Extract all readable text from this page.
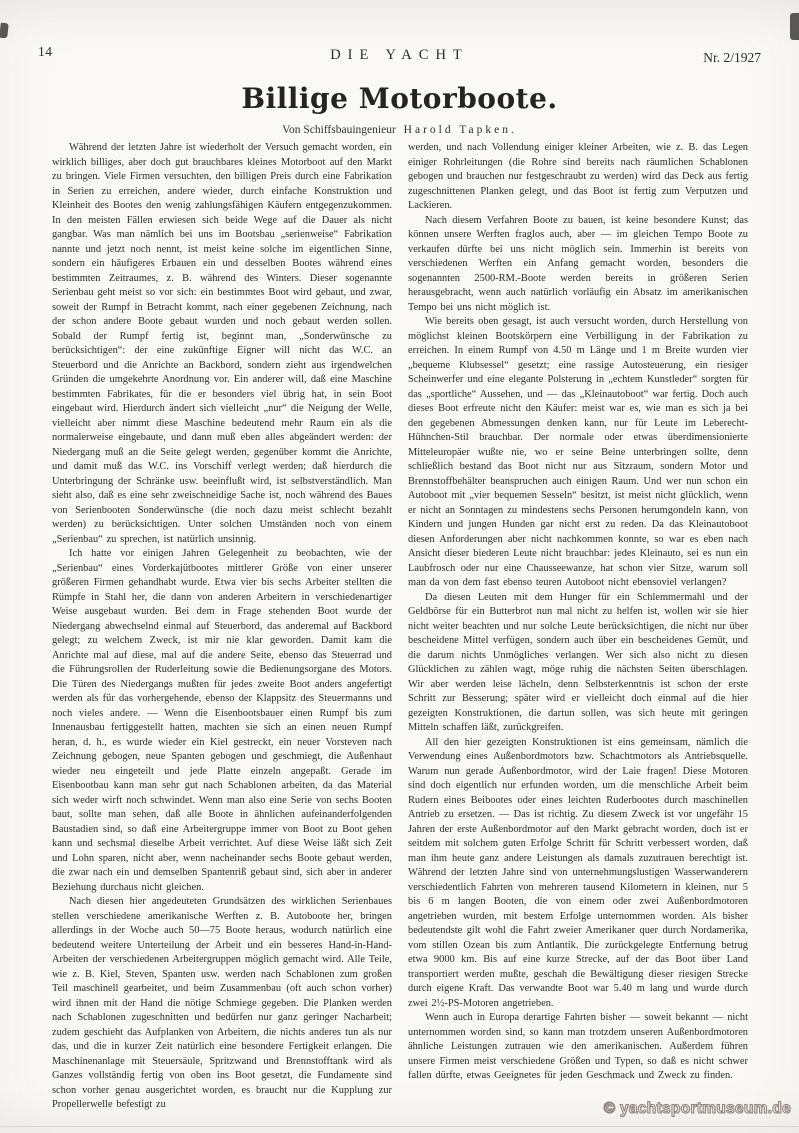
14	DIE YACHT	Nr. 2/1927
Billige Motorboote.
Von Schiffsbauingenieur Harold Tapken.

Während der letzten Jahre ist wiederholt der Versuch gemacht worden, ein wirklich billiges, aber doch gut brauchbares kleines Motorboot auf den Markt zu bringen. Viele Firmen versuchten, den billigen Preis durch eine Fabrikation in Serien zu erreichen, andere wieder, durch einfache Konstruktion und Kleinheit des Bootes den wenig zahlungsfähigen Käufern entgegenzukommen. In den meisten Fällen erwiesen sich beide Wege auf die Dauer als nicht gangbar. Was man nämlich bei uns im Bootsbau „serienweise“ Fabrikation nannte und jetzt noch nennt, ist meist keine solche im eigentlichen Sinne, sondern ein häufigeres Erbauen ein und desselben Bootes während eines bestimmten Zeitraumes, z. B. während des Winters. Dieser sogenannte Serienbau geht meist so vor sich: ein bestimmtes Boot wird gebaut, und zwar, soweit der Rumpf in Betracht kommt, nach einer gegebenen Zeichnung, nach der schon andere Boote gebaut wurden und noch gebaut werden sollen. Sobald der Rumpf fertig ist, beginnt man, „Sonderwünsche zu berücksichtigen“: der eine zukünftige Eigner will nicht das W.C. an Steuerbord und die Anrichte an Backbord, sondern zieht aus irgendwelchen Gründen die umgekehrte Anordnung vor. Ein anderer will, daß eine Maschine bestimmten Fabrikates, für die er besonders viel übrig hat, in sein Boot eingebaut wird. Hierdurch ändert sich vielleicht „nur“ die Neigung der Welle, vielleicht aber nimmt diese Maschine bedeutend mehr Raum ein als die normalerweise eingebaute, und dann muß eben alles abgeändert werden: der Niedergang muß an die Seite gelegt werden, gegenüber kommt die Anrichte, und damit muß das W.C. ins Vorschiff verlegt werden; daß hierdurch die Unterbringung der Schränke usw. beeinflußt wird, ist selbstverständlich. Man sieht also, daß es eine sehr zweischneidige Sache ist, noch während des Baues von Serienbooten Sonderwünsche (die noch dazu meist schlecht bezahlt werden) zu berücksichtigen. Unter solchen Umständen noch von einem „Serienbau“ zu sprechen, ist natürlich unsinnig.

Ich hatte vor einigen Jahren Gelegenheit zu beobachten, wie der „Serienbau“ eines Vorderkajütbootes mittlerer Größe von einer unserer größeren Firmen gehandhabt wurde. Etwa vier bis sechs Arbeiter stellten die Rümpfe in Stahl her, die dann von anderen Arbeitern in verschiedenartiger Weise ausgebaut wurden. Bei dem in Frage stehenden Boot wurde der Niedergang abwechselnd einmal auf Steuerbord, das anderemal auf Backbord gelegt; zu welchem Zweck, ist mir nie klar geworden. Damit kam die Anrichte mal auf diese, mal auf die andere Seite, ebenso das Steuerrad und die Führungsrollen der Ruderleitung sowie die Bedienungsorgane des Motors. Die Türen des Niedergangs mußten für jedes zweite Boot anders angefertigt werden als für das vorhergehende, ebenso der Klappsitz des Steuermanns und noch vieles andere. — Wenn die Eisenbootsbauer einen Rumpf bis zum Innenausbau fertiggestellt hatten, machten sie sich an einen neuen Rumpf heran, d. h., es wurde wieder ein Kiel gestreckt, ein neuer Vorsteven nach Zeichnung gebogen, neue Spanten gebogen und geschmiegt, die Außenhaut wieder neu eingeteilt und jede Platte einzeln angepaßt. Gerade im Eisenbootbau kann man sehr gut nach Schablonen arbeiten, da das Material sich weder wirft noch schwindet. Wenn man also eine Serie von sechs Booten baut, sollte man sehen, daß alle Boote in ähnlichen aufeinanderfolgenden Baustadien sind, so daß eine Arbeitergruppe immer von Boot zu Boot gehen kann und sechsmal dieselbe Arbeit verrichtet. Auf diese Weise läßt sich Zeit und Lohn sparen, nicht aber, wenn nacheinander sechs Boote gebaut werden, die zwar nach ein und demselben Spantenriß gebaut sind, sich aber in anderer Beziehung durchaus nicht gleichen.

Nach diesen hier angedeuteten Grundsätzen des wirklichen Serienbaues stellen verschiedene amerikanische Werften z. B. Autoboote her, bringen allerdings in der Woche auch 50—75 Boote heraus, wodurch natürlich eine bedeutend weitere Unterteilung der Arbeit und ein besseres Hand-in-Hand-Arbeiten der verschiedenen Arbeitergruppen möglich gemacht wird. Alle Teile, wie z. B. Kiel, Steven, Spanten usw. werden nach Schablonen zum großen Teil maschinell gearbeitet, und beim Zusammenbau (oft auch schon vorher) wird ihnen mit der Hand die nötige Schmiege gegeben. Die Planken werden nach Schablonen zugeschnitten und bedürfen nur ganz geringer Nacharbeit; zudem geschieht das Aufplanken von Arbeitern, die nichts anderes tun als nur das, und die in kurzer Zeit natürlich eine besondere Fertigkeit erlangen. Die Maschinenanlage mit Steuersäule, Spritzwand und Brennstofftank wird als Ganzes vollständig fertig von oben ins Boot gesetzt, die Fundamente sind schon vorher genau ausgerichtet worden, es braucht nur die Kupplung zur Propellerwelle befestigt zu

werden, und nach Vollendung einiger kleiner Arbeiten, wie z. B. das Legen einiger Rohrleitungen (die Rohre sind bereits nach räumlichen Schablonen gebogen und brauchen nur festgeschraubt zu werden) wird das Deck aus fertig zugeschnittenen Planken gelegt, und das Boot ist fertig zum Verputzen und Lackieren.

Nach diesem Verfahren Boote zu bauen, ist keine besondere Kunst; das können unsere Werften fraglos auch, aber — im gleichen Tempo Boote zu verkaufen dürfte bei uns nicht möglich sein. Immerhin ist bereits von verschiedenen Werften ein Anfang gemacht worden, besonders die sogenannten 2500-RM.-Boote werden bereits in größeren Serien herausgebracht, wenn auch natürlich vorläufig ein Absatz im amerikanischen Tempo bei uns nicht möglich ist.

Wie bereits oben gesagt, ist auch versucht worden, durch Herstellung von möglichst kleinen Bootskörpern eine Verbilligung in der Fabrikation zu erreichen. In einem Rumpf von 4.50 m Länge und 1 m Breite wurden vier „bequeme Klubsessel“ gesetzt; eine rassige Autosteuerung, ein riesiger Scheinwerfer und eine elegante Polsterung in „echtem Kunstleder“ sorgten für das „sportliche“ Aussehen, und — das „Kleinautoboot“ war fertig. Doch auch dieses Boot erfreute nicht den Käufer: meist war es, wie man es sich ja bei den gegebenen Abmessungen denken kann, nur für Leute im Leberecht-Hühnchen-Stil brauchbar. Der normale oder etwas überdimensionierte Mitteleuropäer wußte nie, wo er seine Beine unterbringen sollte, denn schließlich bestand das Boot nicht nur aus Sitzraum, sondern Motor und Brennstoffbehälter beanspruchen auch einigen Raum. Und wer nun schon ein Autoboot mit „vier bequemen Sesseln“ besitzt, ist meist nicht glücklich, wenn er nicht an Sonntagen zu mindestens sechs Personen herumgondeln kann, von Kindern und jungen Hunden gar nicht erst zu reden. Da das Kleinautoboot diesen Anforderungen aber nicht nachkommen konnte, so war es eben nach Ansicht dieser biederen Leute nicht brauchbar: jedes Kleinauto, sei es nun ein Laubfrosch oder nur eine Chausseewanze, hat schon vier Sitze, warum soll man da von dem fast ebenso teuren Autoboot nicht ebensoviel verlangen?

Da diesen Leuten mit dem Hunger für ein Schlemmermahl und der Geldbörse für ein Butterbrot nun mal nicht zu helfen ist, wollen wir sie hier nicht weiter beachten und nur solche Leute berücksichtigen, die nicht nur über bescheidene Mittel verfügen, sondern auch über ein bescheidenes Gemüt, und die darum nichts Unmögliches verlangen. Wer sich also nicht zu diesen Glücklichen zu zählen wagt, möge ruhig die nächsten Seiten überschlagen. Wir aber werden leise lächeln, denn Selbsterkenntnis ist schon der erste Schritt zur Besserung; später wird er vielleicht doch einmal auf die hier gezeigten Konstruktionen, die dartun sollen, was sich heute mit geringen Mitteln schaffen läßt, zurückgreifen.

All den hier gezeigten Konstruktionen ist eins gemeinsam, nämlich die Verwendung eines Außenbordmotors bzw. Schachtmotors als Antriebsquelle. Warum nun gerade Außenbordmotor, wird der Laie fragen! Diese Motoren sind doch eigentlich nur erfunden worden, um die menschliche Arbeit beim Rudern eines Beibootes oder eines leichten Ruderbootes durch maschinellen Antrieb zu ersetzen. — Das ist richtig. Zu diesem Zweck ist vor ungefähr 15 Jahren der erste Außenbordmotor auf den Markt gebracht worden, doch ist er seitdem mit solchem guten Erfolge Schritt für Schritt verbessert worden, daß man ihm heute ganz andere Leistungen als damals zuzutrauen berechtigt ist. Während der letzten Jahre sind von unternehmungslustigen Wasserwanderern verschiedentlich Fahrten von mehreren tausend Kilometern in kleinen, nur 5 bis 6 m langen Booten, die von einem oder zwei Außenbordmotoren angetrieben wurden, mit bestem Erfolge unternommen worden. Als bisher bedeutendste gilt wohl die Fahrt zweier Amerikaner quer durch Nordamerika, vom stillen Ozean bis zum Antlantik. Die zurückgelegte Entfernung betrug etwa 9000 km. Bis auf eine kurze Strecke, auf der das Boot über Land transportiert werden mußte, geschah die Bewältigung dieser riesigen Strecke durch eigene Kraft. Das verwandte Boot war 5.40 m lang und wurde durch zwei 2½-PS-Motoren angetrieben.

Wenn auch in Europa derartige Fahrten bisher — soweit bekannt — nicht unternommen worden sind, so kann man trotzdem unseren Außenbordmotoren ähnliche Leistungen zutrauen wie den amerikanischen. Außerdem führen unsere Firmen meist verschiedene Größen und Typen, so daß es nicht schwer fallen dürfte, etwas Geeignetes für jeden Geschmack und Zweck zu finden.

© yachtsportmuseum.de
